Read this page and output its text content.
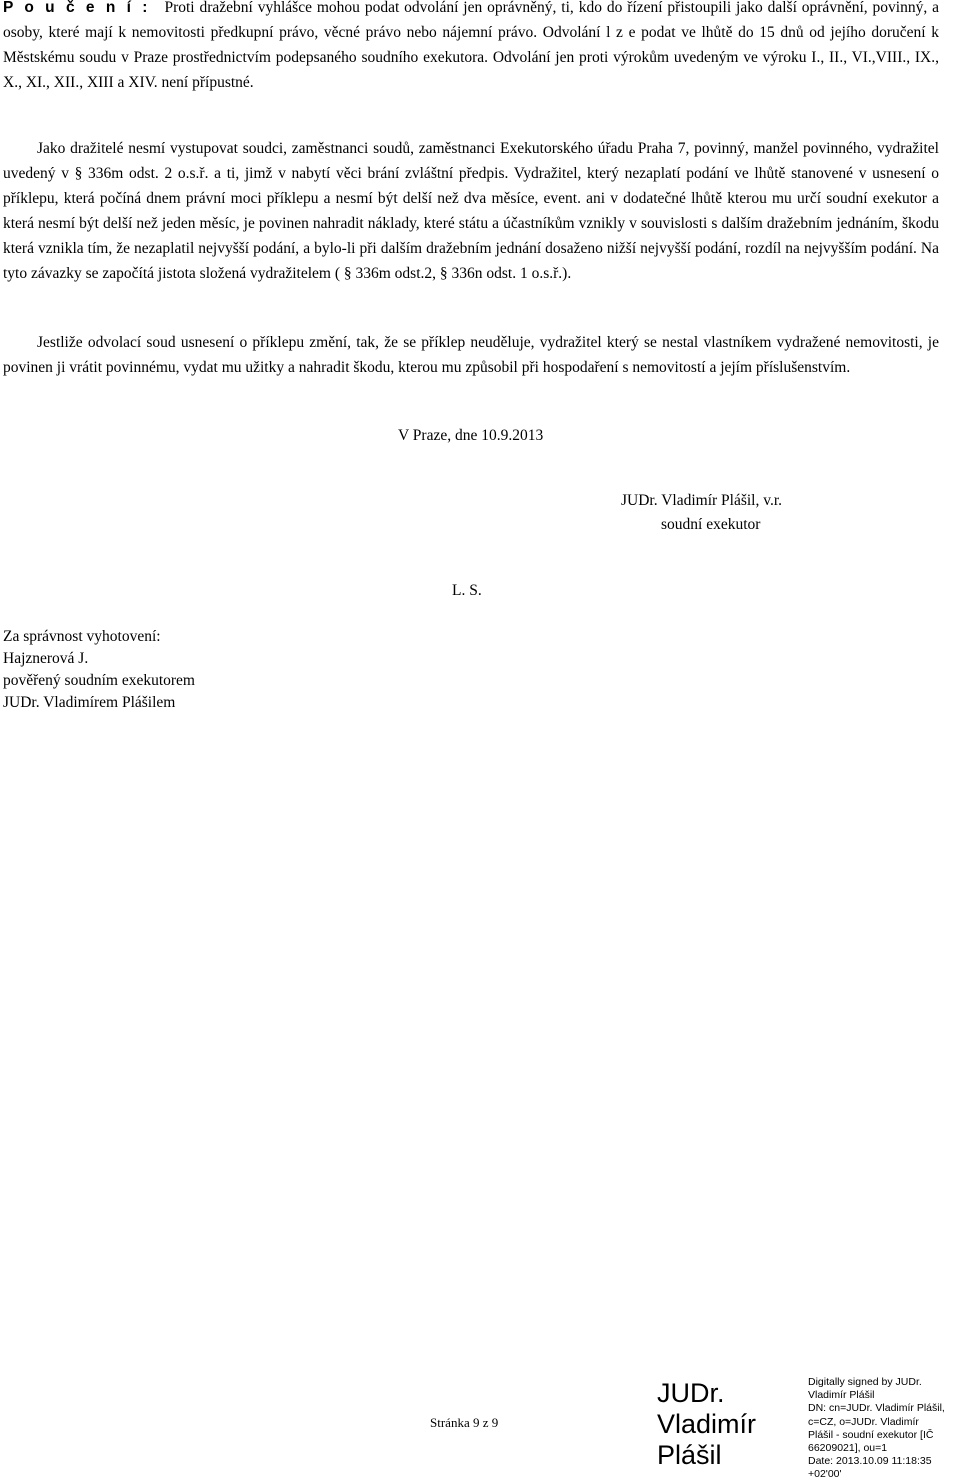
P o u č e n í : Proti dražební vyhlášce mohou podat odvolání jen oprávněný, ti, kdo do řízení přistoupili jako další oprávnění, povinný, a osoby, které mají k nemovitosti předkupní právo, věcné právo nebo nájemní právo. Odvolání l z e podat ve lhůtě do 15 dnů od jejího doručení k Městskému soudu v Praze prostřednictvím podepsaného soudního exekutora. Odvolání jen proti výrokům uvedeným ve výroku I., II., VI.,VIII., IX., X., XI., XII., XIII a XIV. není přípustné.

Jako dražitelé nesmí vystupovat soudci, zaměstnanci soudů, zaměstnanci Exekutorského úřadu Praha 7, povinný, manžel povinného, vydražitel uvedený v § 336m odst. 2 o.s.ř. a ti, jimž v nabytí věci brání zvláštní předpis. Vydražitel, který nezaplatí podání ve lhůtě stanovené v usnesení o příklepu, která počíná dnem právní moci příklepu a nesmí být delší než dva měsíce, event. ani v dodatečné lhůtě kterou mu určí soudní exekutor a která nesmí být delší než jeden měsíc, je povinen nahradit náklady, které státu a účastníkům vznikly v souvislosti s dalším dražebním jednáním, škodu která vznikla tím, že nezaplatil nejvyšší podání, a bylo-li při dalším dražebním jednání dosaženo nižší nejvyšší podání, rozdíl na nejvyšším podání. Na tyto závazky se započítá jistota složená vydražitelem ( § 336m odst.2, § 336n odst. 1 o.s.ř.).

Jestliže odvolací soud usnesení o příklepu změní, tak, že se příklep neuděluje, vydražitel který se nestal vlastníkem vydražené nemovitosti, je povinen ji vrátit povinnému, vydat mu užitky a nahradit škodu, kterou mu způsobil při hospodaření s nemovitostí a jejím příslušenstvím.

V Praze, dne 10.9.2013
JUDr. Vladimír Plášil, v.r.
soudní exekutor
L. S.
Za správnost vyhotovení:
Hajznerová J.
pověřený soudním exekutorem
JUDr. Vladimírem Plášilem
Stránka 9 z 9
JUDr.
Vladimír
Plášil
Digitally signed by JUDr.
Vladimír Plášil
DN: cn=JUDr. Vladimír Plášil,
c=CZ, o=JUDr. Vladimír
Plášil - soudní exekutor [IČ
66209021], ou=1
Date: 2013.10.09 11:18:35
+02'00'
